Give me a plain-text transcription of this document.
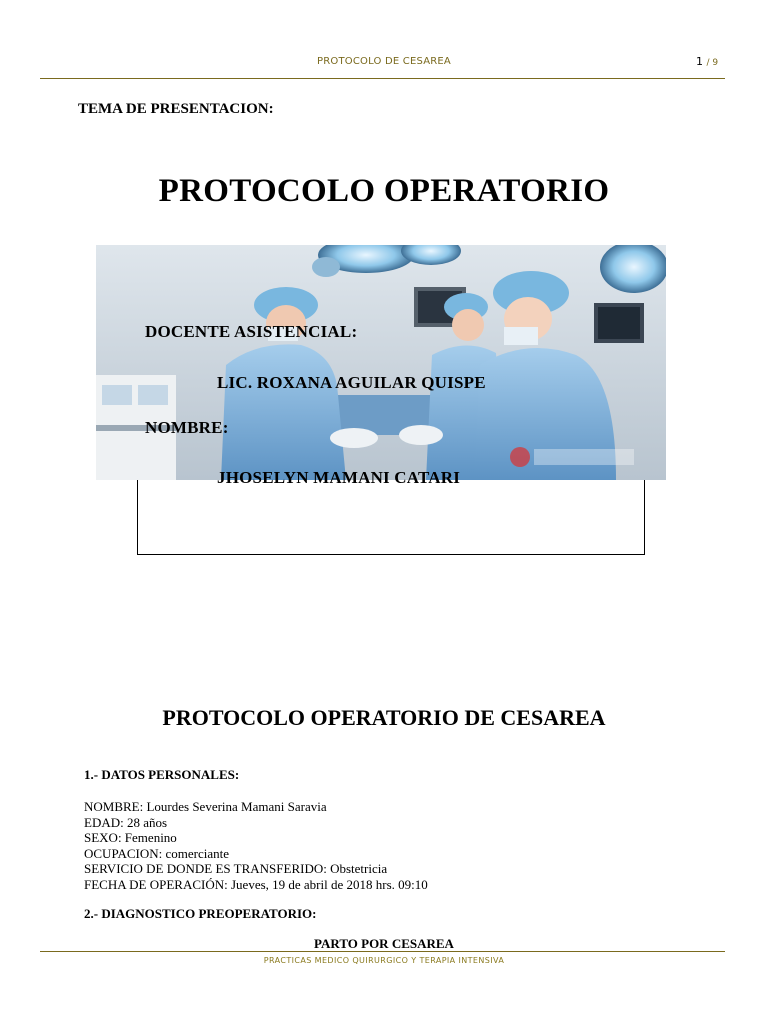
PROTOCOLO DE CESAREA	1 / 9
TEMA DE PRESENTACION:
PROTOCOLO OPERATORIO
DOCENTE ASISTENCIAL:
LIC. ROXANA AGUILAR QUISPE
NOMBRE:
JHOSELYN MAMANI CATARI
PROTOCOLO OPERATORIO DE CESAREA
1.- DATOS PERSONALES:
NOMBRE: Lourdes Severina Mamani Saravia
EDAD: 28 años
SEXO: Femenino
OCUPACION: comerciante
SERVICIO DE DONDE ES TRANSFERIDO: Obstetricia
FECHA DE OPERACIÓN: Jueves, 19 de abril de 2018 hrs. 09:10
2.- DIAGNOSTICO PREOPERATORIO:
PARTO POR CESAREA
PRACTICAS MEDICO QUIRURGICO Y TERAPIA INTENSIVA
